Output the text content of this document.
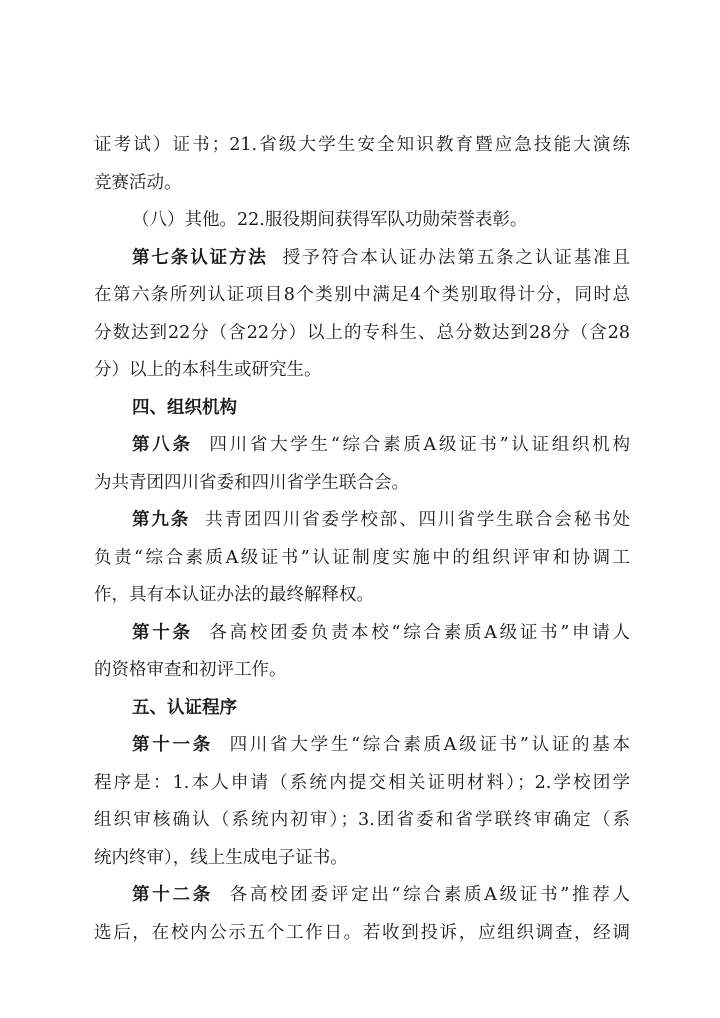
证考试）证书；21.省级大学生安全知识教育暨应急技能大演练
竞赛活动。
（八）其他。22.服役期间获得军队功勋荣誉表彰。
第七条认证方法 授予符合本认证办法第五条之认证基准且
在第六条所列认证项目8个类别中满足4个类别取得计分，同时总
分数达到22分（含22分）以上的专科生、总分数达到28分（含28
分）以上的本科生或研究生。
四、组织机构
第八条 四川省大学生“综合素质A级证书”认证组织机构
为共青团四川省委和四川省学生联合会。
第九条 共青团四川省委学校部、四川省学生联合会秘书处
负责“综合素质A级证书”认证制度实施中的组织评审和协调工
作，具有本认证办法的最终解释权。
第十条 各高校团委负责本校“综合素质A级证书”申请人
的资格审查和初评工作。
五、认证程序
第十一条 四川省大学生“综合素质A级证书”认证的基本
程序是：1.本人申请（系统内提交相关证明材料）；2.学校团学
组织审核确认（系统内初审）；3.团省委和省学联终审确定（系
统内终审），线上生成电子证书。
第十二条 各高校团委评定出“综合素质A级证书”推荐人
选后，在校内公示五个工作日。若收到投诉，应组织调查，经调
